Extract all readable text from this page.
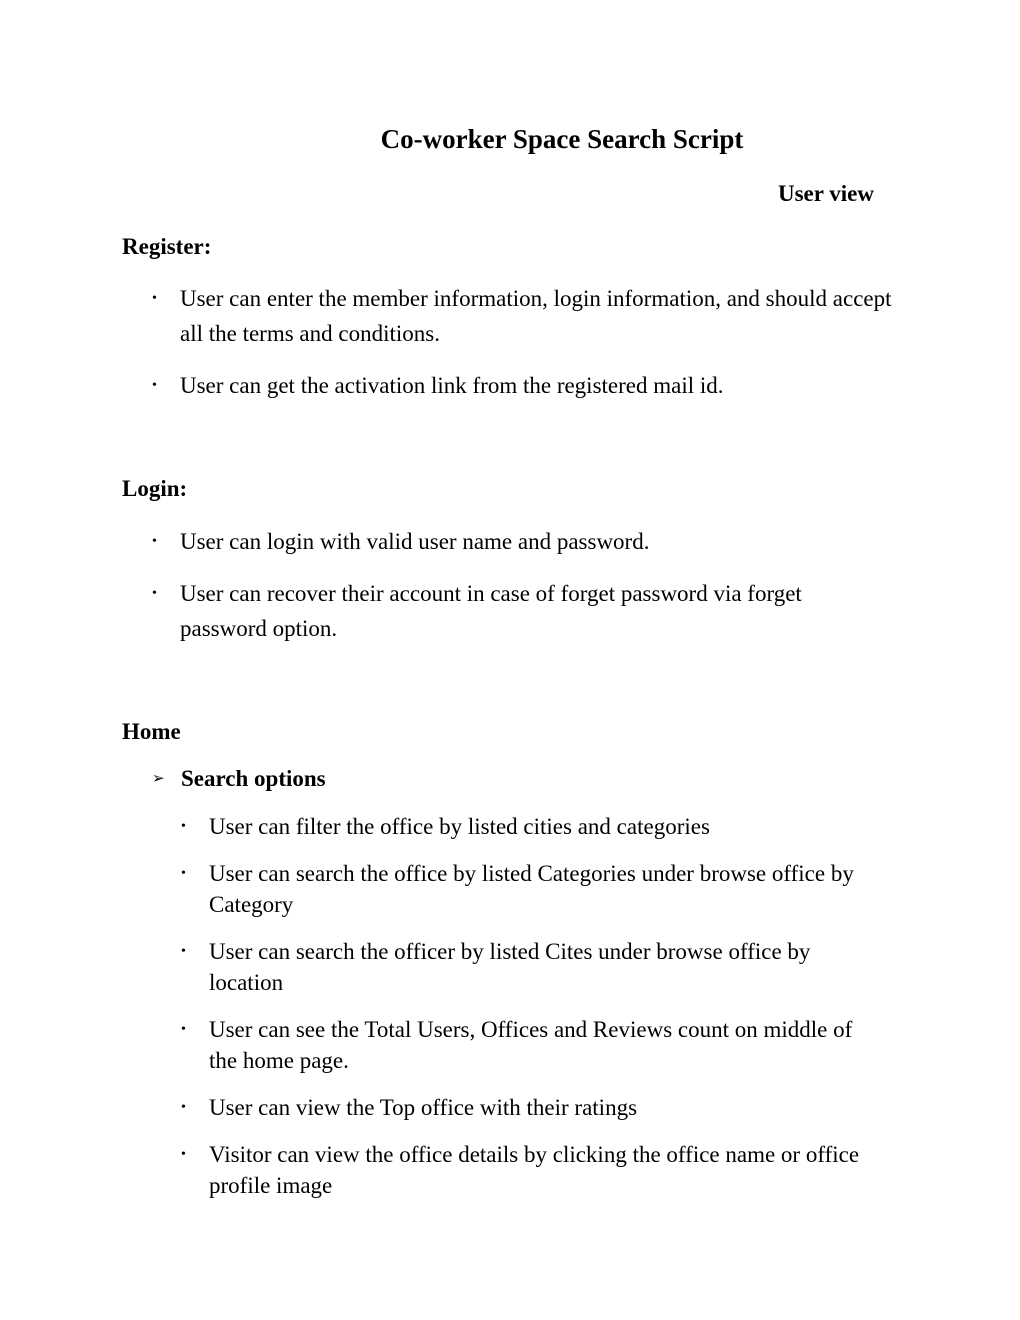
Co-worker Space Search Script
User view
Register:
•	User can enter the member information, login information, and should accept all the terms and conditions.
•	User can get the activation link from the registered mail id.
Login:
•	User can login with valid user name and password.
•	User can recover their account in case of forget password via forget password option.
Home
➢ Search options
•	User can filter the office by listed cities and categories
•	User can search the office by listed Categories under browse office by Category
•	User can search the officer by listed Cites under browse office by location
•	User can see the Total Users, Offices and Reviews count on middle of the home page.
•	User can view the Top office with their ratings
•	Visitor can view the office details by clicking the office name or office profile image
